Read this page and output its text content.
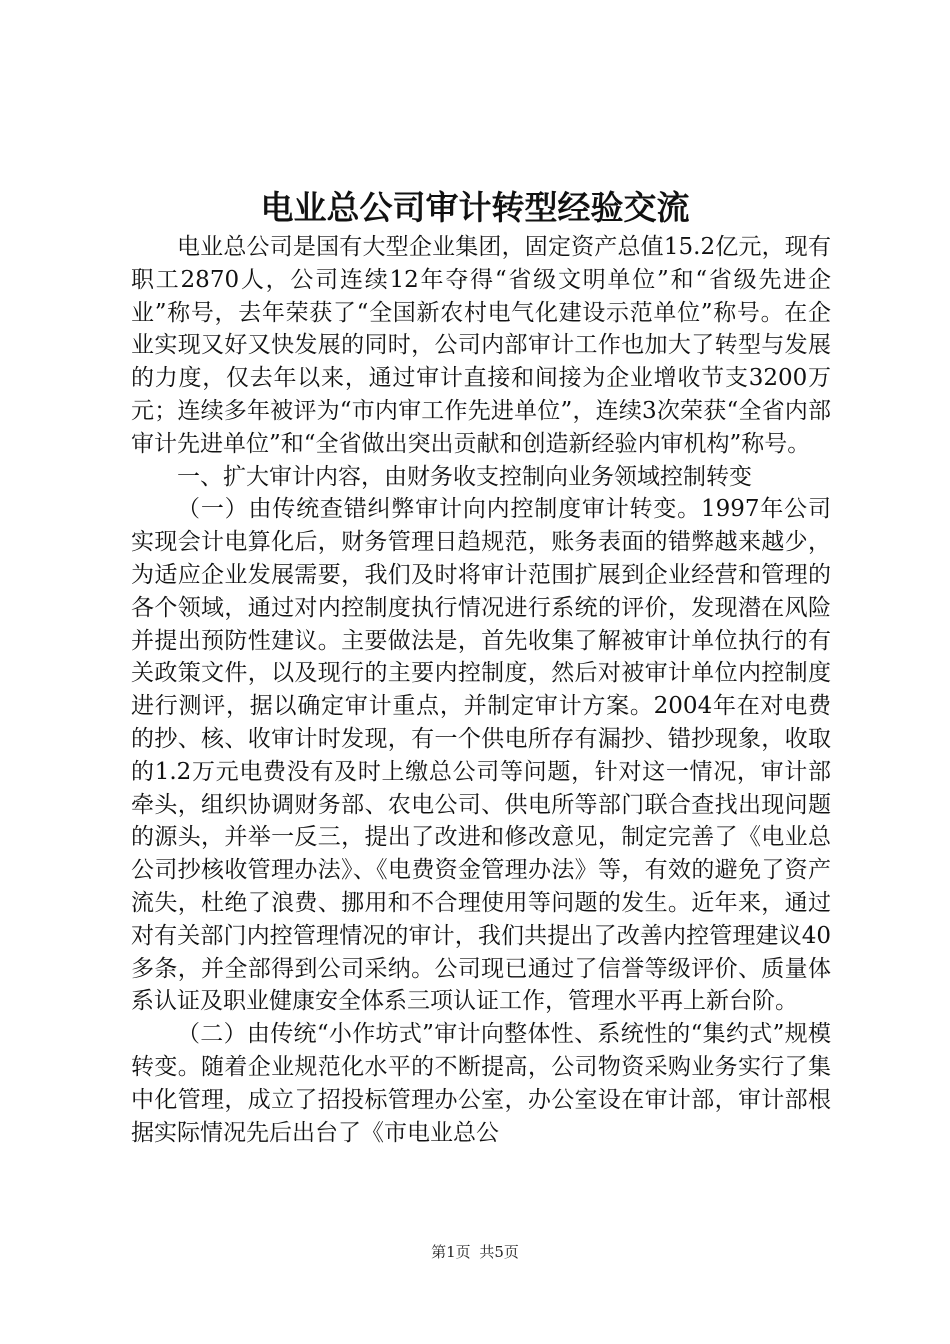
电业总公司审计转型经验交流

电业总公司是国有大型企业集团，固定资产总值15.2亿元，现有职工2870人，公司连续12年夺得“省级文明单位”和“省级先进企业”称号，去年荣获了“全国新农村电气化建设示范单位”称号。在企业实现又好又快发展的同时，公司内部审计工作也加大了转型与发展的力度，仅去年以来，通过审计直接和间接为企业增收节支3200万元；连续多年被评为“市内审工作先进单位”，连续3次荣获“全省内部审计先进单位”和“全省做出突出贡献和创造新经验内审机构”称号。

一、扩大审计内容，由财务收支控制向业务领域控制转变

（一）由传统查错纠弊审计向内控制度审计转变。1997年公司实现会计电算化后，财务管理日趋规范，账务表面的错弊越来越少，为适应企业发展需要，我们及时将审计范围扩展到企业经营和管理的各个领域，通过对内控制度执行情况进行系统的评价，发现潜在风险并提出预防性建议。主要做法是，首先收集了解被审计单位执行的有关政策文件，以及现行的主要内控制度，然后对被审计单位内控制度进行测评，据以确定审计重点，并制定审计方案。2004年在对电费的抄、核、收审计时发现，有一个供电所存有漏抄、错抄现象，收取的1.2万元电费没有及时上缴总公司等问题，针对这一情况，审计部牵头，组织协调财务部、农电公司、供电所等部门联合查找出现问题的源头，并举一反三，提出了改进和修改意见，制定完善了《电业总公司抄核收管理办法》、《电费资金管理办法》等，有效的避免了资产流失，杜绝了浪费、挪用和不合理使用等问题的发生。近年来，通过对有关部门内控管理情况的审计，我们共提出了改善内控管理建议40多条，并全部得到公司采纳。公司现已通过了信誉等级评价、质量体系认证及职业健康安全体系三项认证工作，管理水平再上新台阶。

（二）由传统“小作坊式”审计向整体性、系统性的“集约式”规模转变。随着企业规范化水平的不断提高，公司物资采购业务实行了集中化管理，成立了招投标管理办公室，办公室设在审计部，审计部根据实际情况先后出台了《市电业总公

第1页 共5页
